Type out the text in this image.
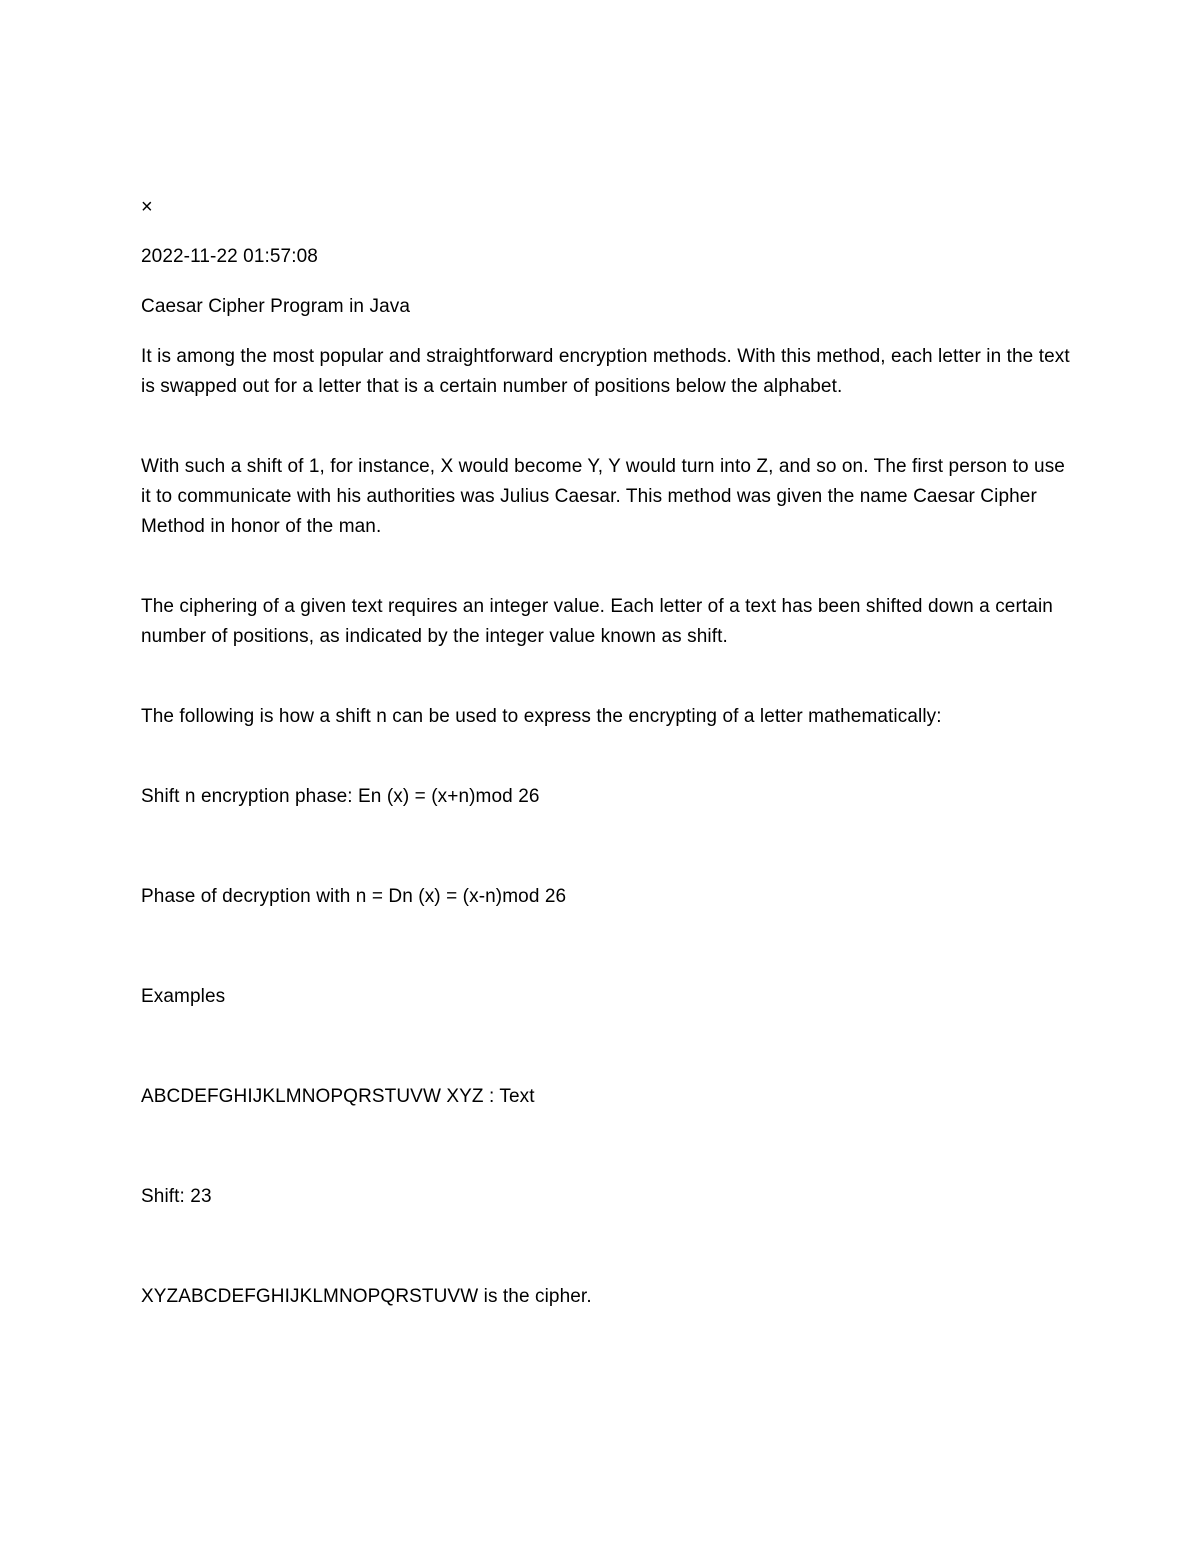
×

2022-11-22 01:57:08

Caesar Cipher Program in Java

It is among the most popular and straightforward encryption methods. With this method, each letter in the text is swapped out for a letter that is a certain number of positions below the alphabet.

With such a shift of 1, for instance, X would become Y, Y would turn into Z, and so on. The first person to use it to communicate with his authorities was Julius Caesar. This method was given the name Caesar Cipher Method in honor of the man.

The ciphering of a given text requires an integer value. Each letter of a text has been shifted down a certain number of positions, as indicated by the integer value known as shift.

The following is how a shift n can be used to express the encrypting of a letter mathematically:

Shift n encryption phase: En (x) = (x+n)mod 26

Phase of decryption with n = Dn (x) = (x-n)mod 26

Examples

ABCDEFGHIJKLMNOPQRSTUVW XYZ : Text

Shift: 23

XYZABCDEFGHIJKLMNOPQRSTUVW is the cipher.
